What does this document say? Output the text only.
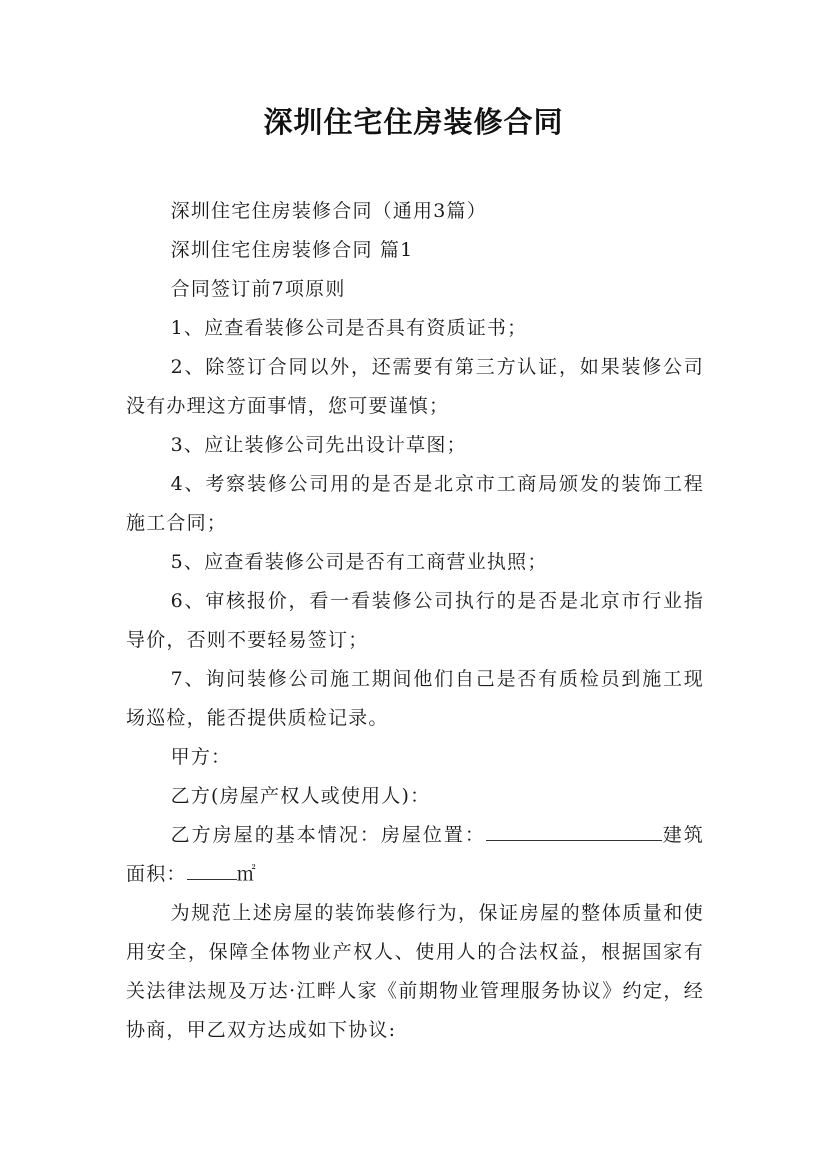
深圳住宅住房装修合同

深圳住宅住房装修合同（通用3篇）

深圳住宅住房装修合同 篇1

合同签订前7项原则

1、应查看装修公司是否具有资质证书；

2、除签订合同以外，还需要有第三方认证，如果装修公司没有办理这方面事情，您可要谨慎；

3、应让装修公司先出设计草图；

4、考察装修公司用的是否是北京市工商局颁发的装饰工程施工合同；

5、应查看装修公司是否有工商营业执照；

6、审核报价，看一看装修公司执行的是否是北京市行业指导价，否则不要轻易签订；

7、询问装修公司施工期间他们自己是否有质检员到施工现场巡检，能否提供质检记录。

甲方：

乙方(房屋产权人或使用人)：

乙方房屋的基本情况：房屋位置：	建筑面积：	㎡

为规范上述房屋的装饰装修行为，保证房屋的整体质量和使用安全，保障全体物业产权人、使用人的合法权益，根据国家有关法律法规及万达·江畔人家《前期物业管理服务协议》约定，经协商，甲乙双方达成如下协议:
